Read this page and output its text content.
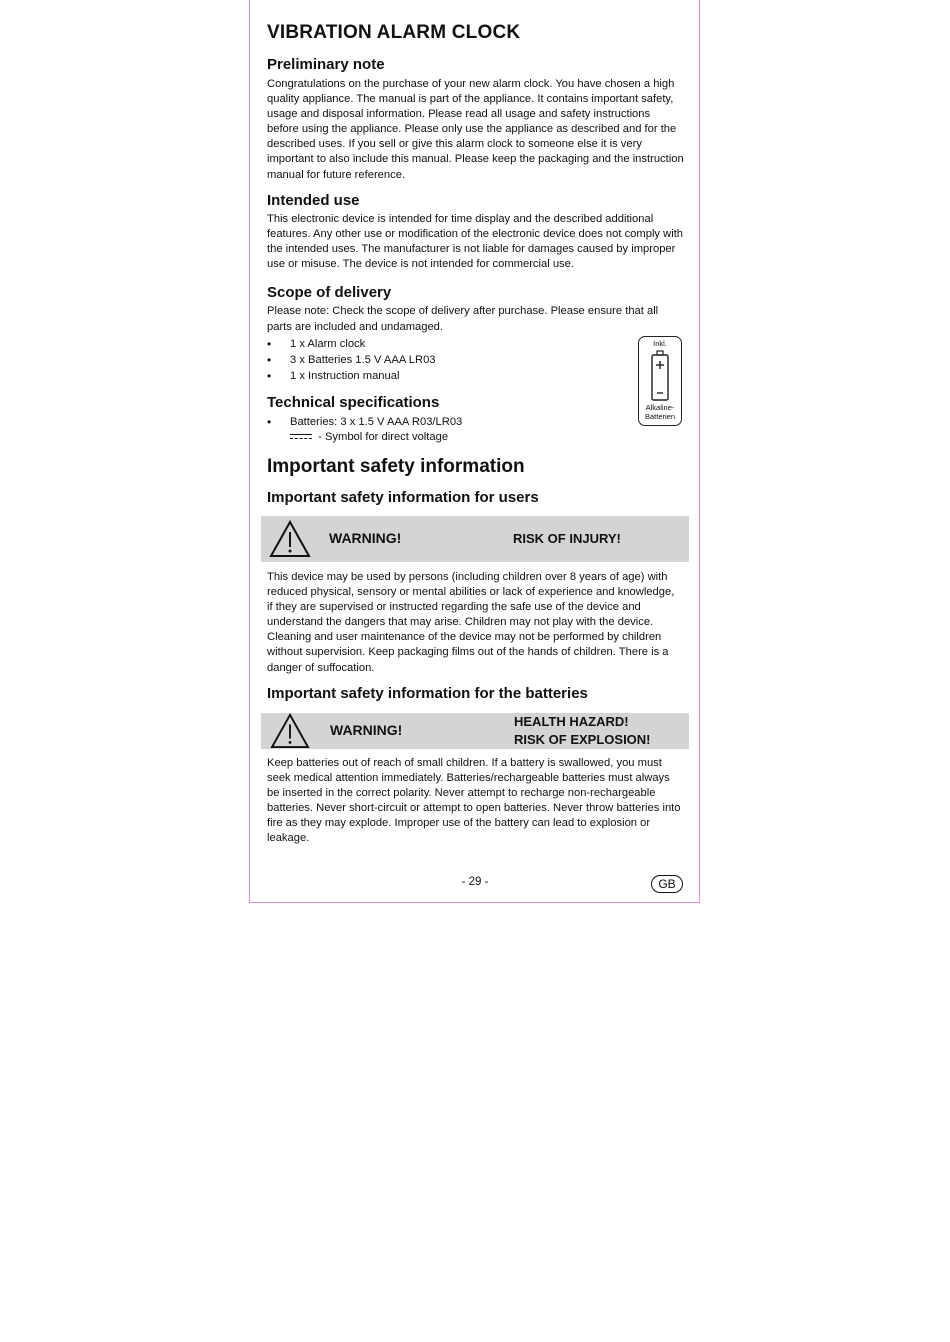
VIBRATION ALARM CLOCK
Preliminary note

Congratulations on the purchase of your new alarm clock. You have chosen a high
quality appliance. The manual is part of the appliance. It contains important safety,
usage and disposal information. Please read all usage and safety instructions
before using the appliance. Please only use the appliance as described and for the
described uses. If you sell or give this alarm clock to someone else it is very
important to also include this manual. Please keep the packaging and the instruction
manual for future reference.

Intended use

This electronic device is intended for time display and the described additional
features. Any other use or modification of the electronic device does not comply with
the intended uses. The manufacturer is not liable for damages caused by improper
use or misuse. The device is not intended for commercial use.

Scope of delivery

Please note: Check the scope of delivery after purchase. Please ensure that all
parts are included and undamaged.

• 1 x Alarm clock
• 3 x Batteries 1.5 V AAA LR03
• 1 x Instruction manual
Inkl.
Alkaline-
Batterien
Technical specifications
• Batteries: 3 x 1.5 V AAA R03/LR03
- Symbol for direct voltage
Important safety information
Important safety information for users
WARNING!	RISK OF INJURY!

This device may be used by persons (including children over 8 years of age) with
reduced physical, sensory or mental abilities or lack of experience and knowledge,
if they are supervised or instructed regarding the safe use of the device and
understand the dangers that may arise. Children may not play with the device.
Cleaning and user maintenance of the device may not be performed by children
without supervision. Keep packaging films out of the hands of children. There is a
danger of suffocation.

Important safety information for the batteries
WARNING!
HEALTH HAZARD!
RISK OF EXPLOSION!

Keep batteries out of reach of small children. If a battery is swallowed, you must
seek medical attention immediately. Batteries/rechargeable batteries must always
be inserted in the correct polarity. Never attempt to recharge non-rechargeable
batteries. Never short-circuit or attempt to open batteries. Never throw batteries into
fire as they may explode. Improper use of the battery can lead to explosion or
leakage.

- 29 -	GB
